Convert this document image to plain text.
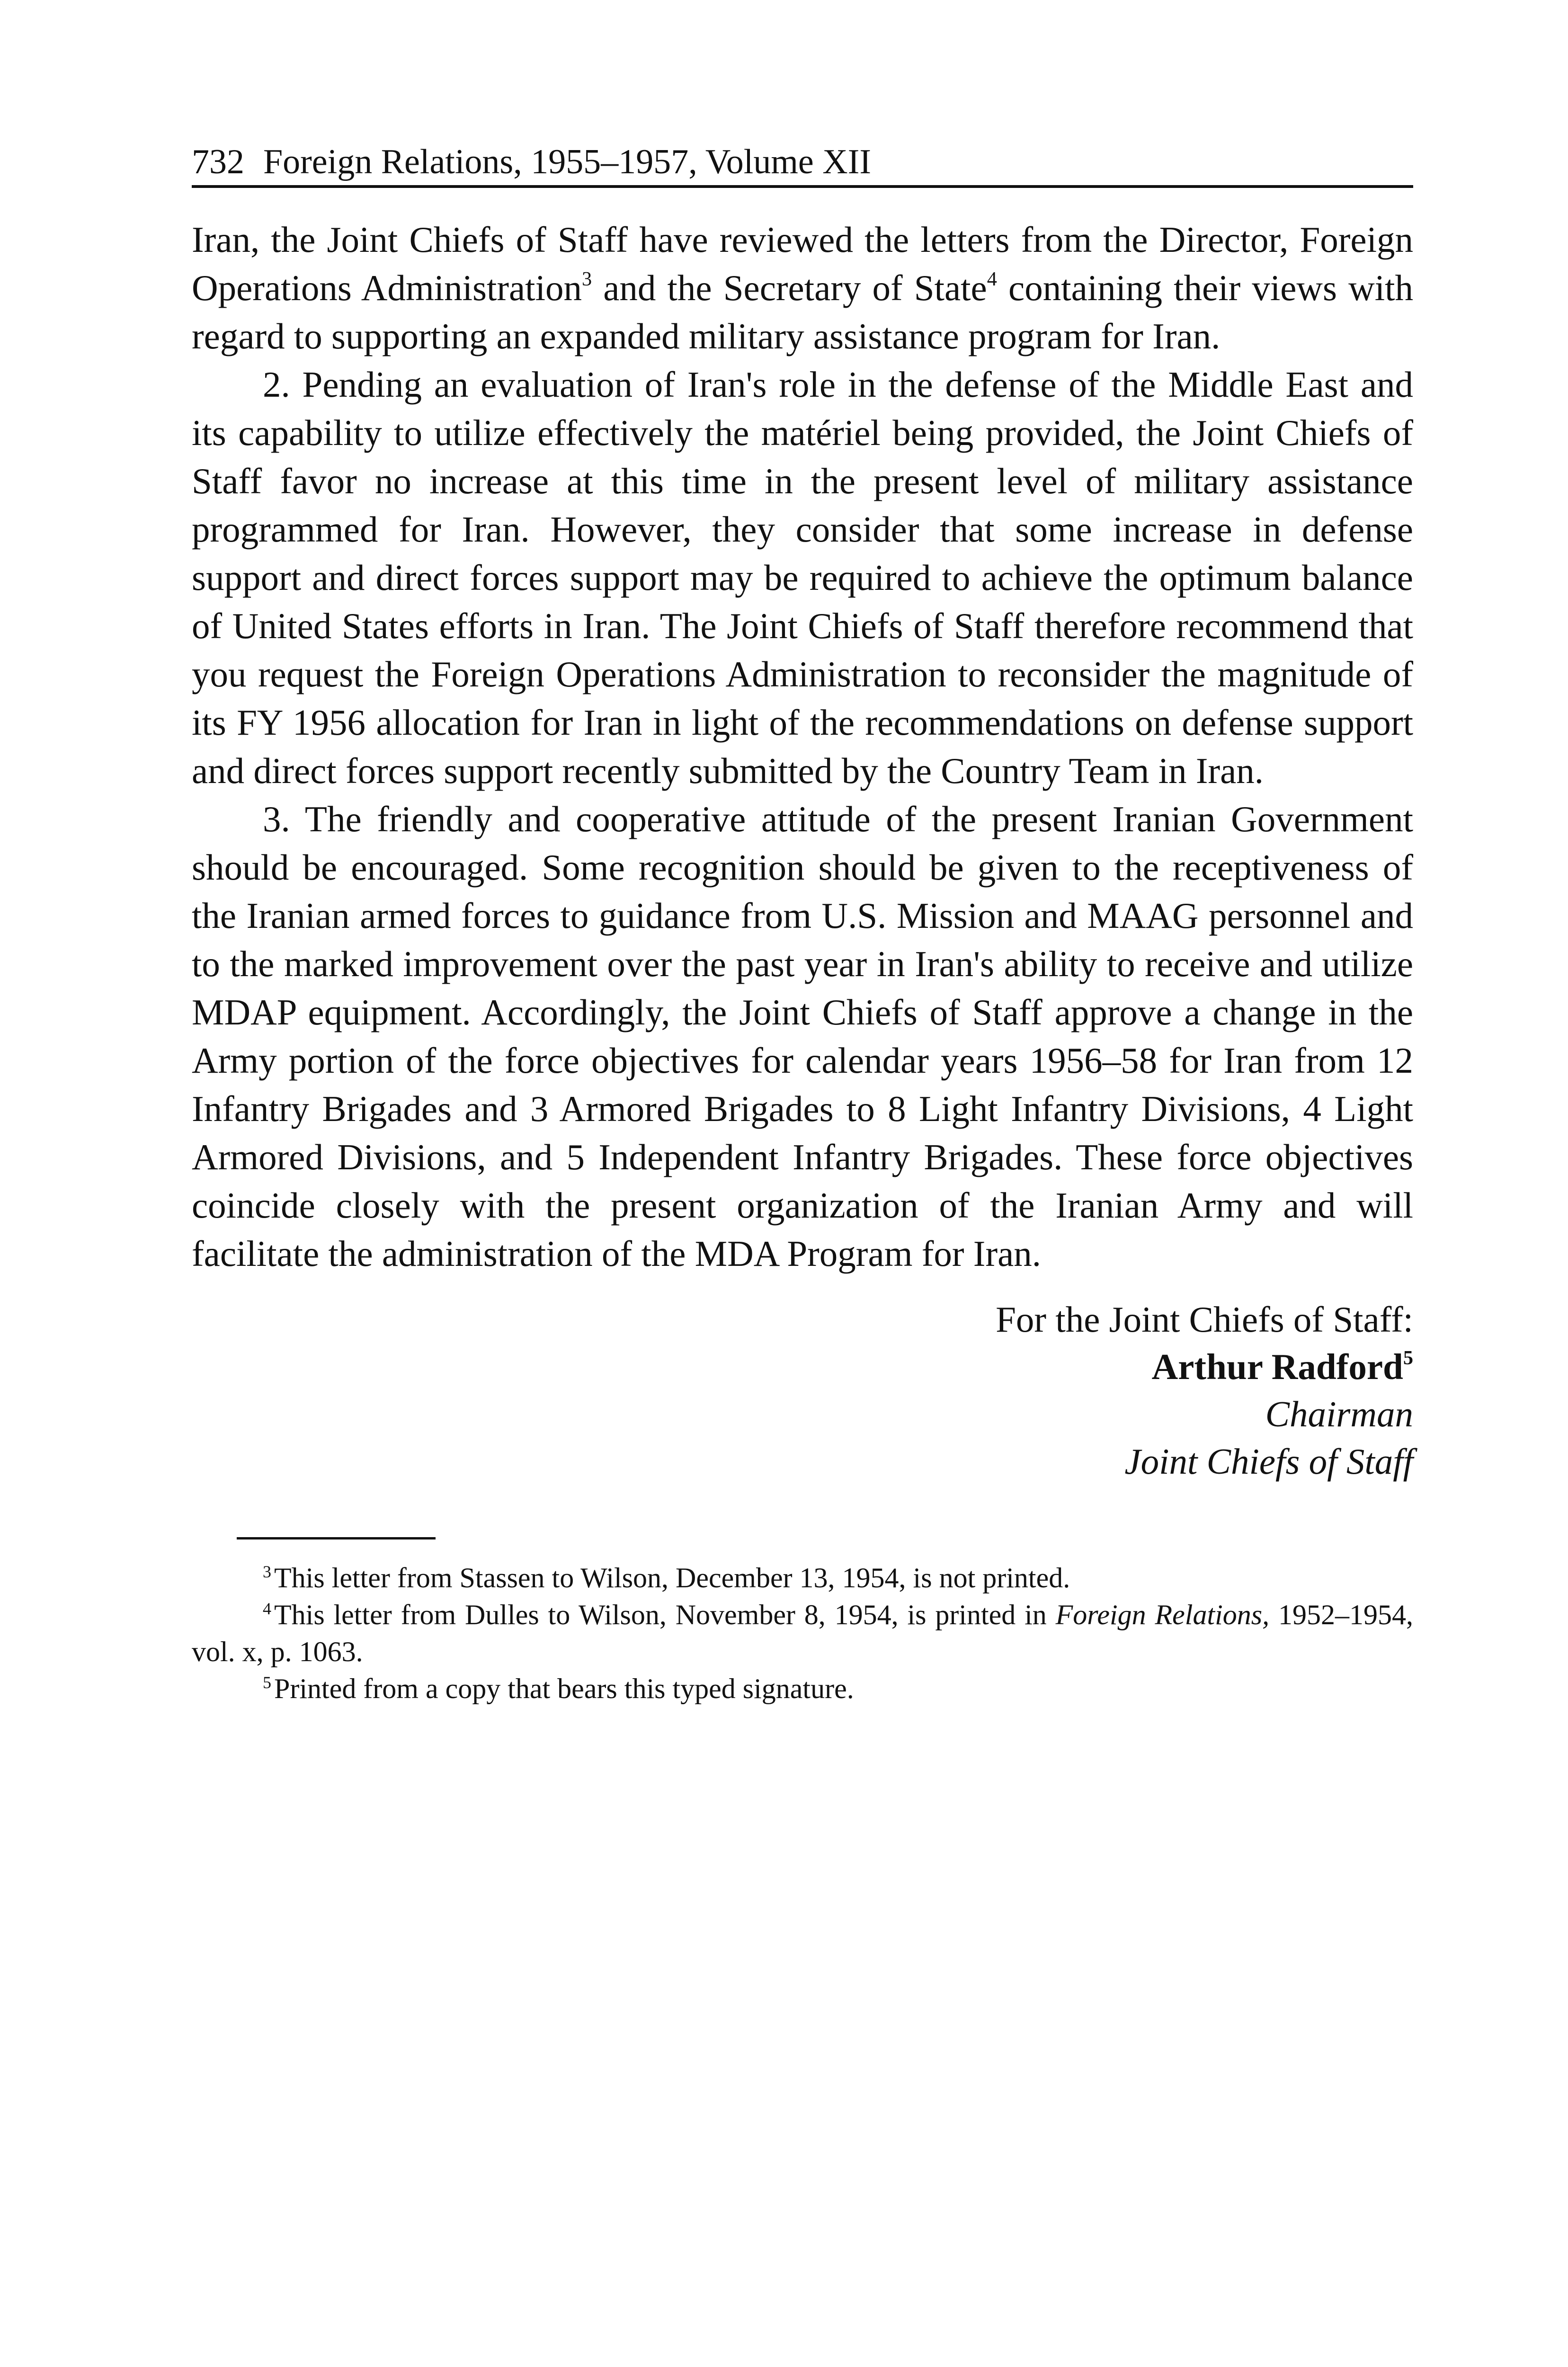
732 Foreign Relations, 1955–1957, Volume XII

Iran, the Joint Chiefs of Staff have reviewed the letters from the Director, Foreign Operations Administration$^3$ and the Secretary of State$^4$ containing their views with regard to supporting an expanded military assistance program for Iran.

2. Pending an evaluation of Iran's role in the defense of the Middle East and its capability to utilize effectively the matériel being provided, the Joint Chiefs of Staff favor no increase at this time in the present level of military assistance programmed for Iran. However, they consider that some increase in defense support and direct forces support may be required to achieve the optimum balance of United States efforts in Iran. The Joint Chiefs of Staff therefore recommend that you request the Foreign Operations Administration to reconsider the magnitude of its FY 1956 allocation for Iran in light of the recommendations on defense support and direct forces support recently submitted by the Country Team in Iran.

3. The friendly and cooperative attitude of the present Iranian Government should be encouraged. Some recognition should be given to the receptiveness of the Iranian armed forces to guidance from U.S. Mission and MAAG personnel and to the marked improvement over the past year in Iran's ability to receive and utilize MDAP equipment. Accordingly, the Joint Chiefs of Staff approve a change in the Army portion of the force objectives for calendar years 1956–58 for Iran from 12 Infantry Brigades and 3 Armored Brigades to 8 Light Infantry Divisions, 4 Light Armored Divisions, and 5 Independent Infantry Brigades. These force objectives coincide closely with the present organization of the Iranian Army and will facilitate the administration of the MDA Program for Iran.

For the Joint Chiefs of Staff:
Arthur Radford$^5$
Chairman
Joint Chiefs of Staff

$^3$ This letter from Stassen to Wilson, December 13, 1954, is not printed.

$^4$ This letter from Dulles to Wilson, November 8, 1954, is printed in Foreign Relations, 1952–1954, vol. x, p. 1063.

$^5$ Printed from a copy that bears this typed signature.
